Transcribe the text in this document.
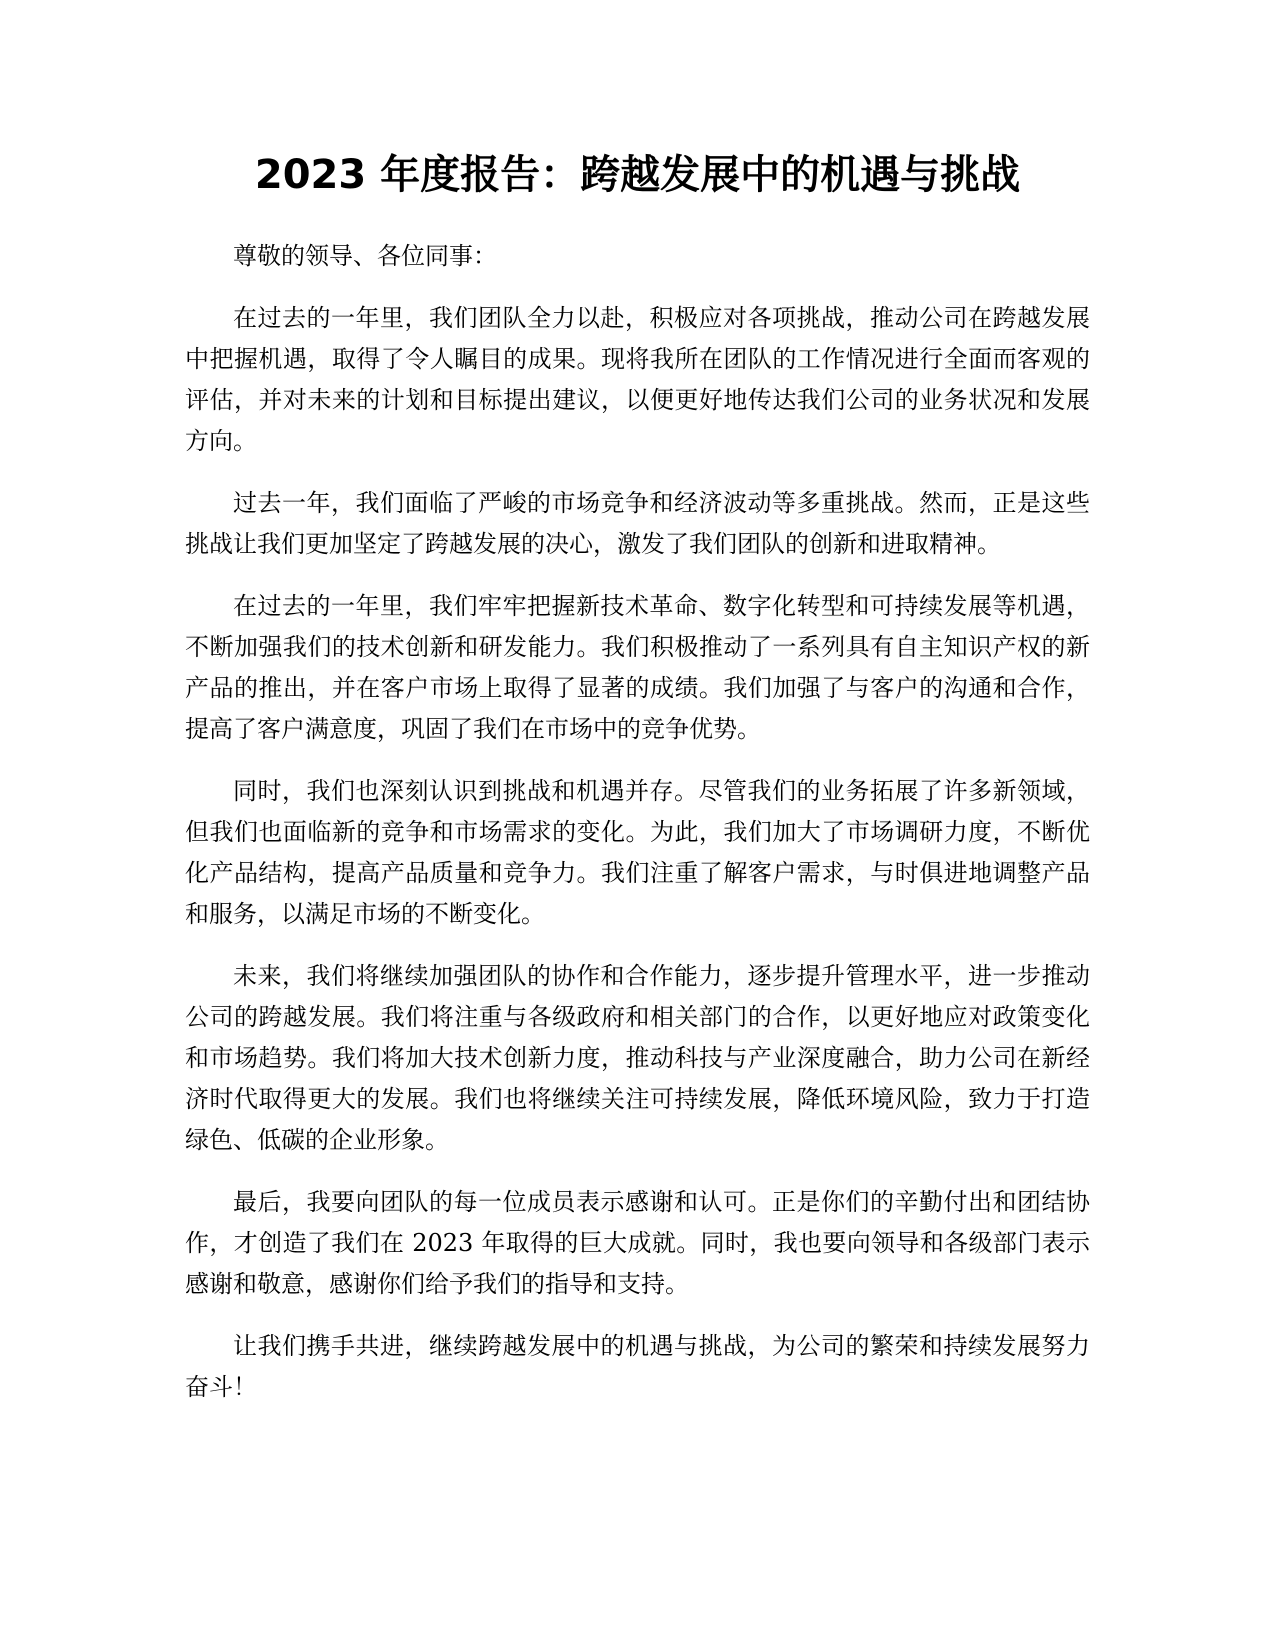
2023 年度报告：跨越发展中的机遇与挑战

尊敬的领导、各位同事：

在过去的一年里，我们团队全力以赴，积极应对各项挑战，推动公司在跨越发展中把握机遇，取得了令人瞩目的成果。现将我所在团队的工作情况进行全面而客观的评估，并对未来的计划和目标提出建议，以便更好地传达我们公司的业务状况和发展方向。

过去一年，我们面临了严峻的市场竞争和经济波动等多重挑战。然而，正是这些挑战让我们更加坚定了跨越发展的决心，激发了我们团队的创新和进取精神。

在过去的一年里，我们牢牢把握新技术革命、数字化转型和可持续发展等机遇，不断加强我们的技术创新和研发能力。我们积极推动了一系列具有自主知识产权的新产品的推出，并在客户市场上取得了显著的成绩。我们加强了与客户的沟通和合作，提高了客户满意度，巩固了我们在市场中的竞争优势。

同时，我们也深刻认识到挑战和机遇并存。尽管我们的业务拓展了许多新领域，但我们也面临新的竞争和市场需求的变化。为此，我们加大了市场调研力度，不断优化产品结构，提高产品质量和竞争力。我们注重了解客户需求，与时俱进地调整产品和服务，以满足市场的不断变化。

未来，我们将继续加强团队的协作和合作能力，逐步提升管理水平，进一步推动公司的跨越发展。我们将注重与各级政府和相关部门的合作，以更好地应对政策变化和市场趋势。我们将加大技术创新力度，推动科技与产业深度融合，助力公司在新经济时代取得更大的发展。我们也将继续关注可持续发展，降低环境风险，致力于打造绿色、低碳的企业形象。

最后，我要向团队的每一位成员表示感谢和认可。正是你们的辛勤付出和团结协作，才创造了我们在 2023 年取得的巨大成就。同时，我也要向领导和各级部门表示感谢和敬意，感谢你们给予我们的指导和支持。

让我们携手共进，继续跨越发展中的机遇与挑战，为公司的繁荣和持续发展努力奋斗！
